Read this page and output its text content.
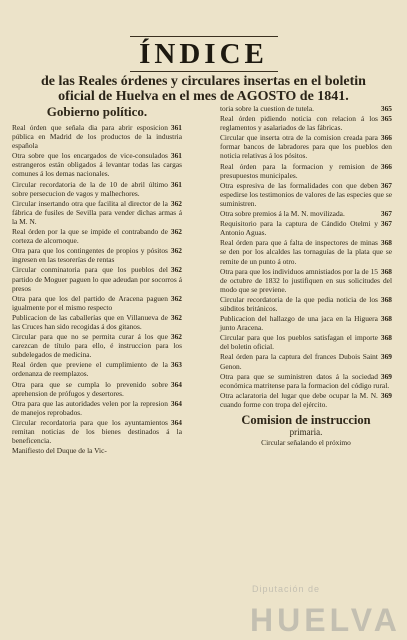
ÍNDICE
de las Reales órdenes y circulares insertas en el boletin
oficial de Huelva en el mes de AGOSTO de 1841.
Gobierno político.
361
Real órden que señala dia para abrir esposicion pública en Madrid de los productos de la industria española
361
Otra sobre que los encargados de vice-consulados estrangeros están obligados á levantar todas las cargas comunes á los demas nacionales.
361
Circular recordatoria de la de 10 de abril último sobre persecucion de vagos y malhechores.
362
Circular insertando otra que facilita al director de la fábrica de fusiles de Sevilla para vender dichas armas á la M. N.
362
Real órden por la que se impide el contrabando de corteza de alcornoque.
362
Otra para que los contingentes de propios y pósitos ingresen en las tesorerías de rentas
362
Circular conminatoria para que los pueblos del partido de Moguer paguen lo que adeudan por socorros á presos
362
Otra para que los del partido de Aracena paguen igualmente por el mismo respecto
362
Publicacion de las caballerías que en Villanueva de las Cruces han sido recogidas á dos gitanos.
362
Circular para que no se permita curar á los que carezcan de título para ello, é instruccion para los subdelegados de medicina.
363
Real órden que previene el cumplimiento de la ordenanza de reemplazos.
364
Otra para que se cumpla lo prevenido sobre aprehension de prófugos y desertores.
364
Otra para que las autoridades velen por la represion de manejos reprobados.
364
Circular recordatoria para que los ayuntamientos remitan noticias de los bienes destinados á la beneficencia.
Manifiesto del Duque de la Vic-
365
toria sobre la cuestion de tutela.
365
Real órden pidiendo noticia con relacion á los reglamentos y asalariados de las fábricas.
366
Circular que inserta otra de la comision creada para formar bancos de labradores para que los pueblos den noticia relativas á los pósitos.
366
Real órden para la formacion y remision de presupuestos municipales.
367
Otra espresiva de las formalidades con que deben espedirse los testimonios de valores de las especies que se suministren.
367
Otra sobre premios á la M. N. movilizada.
367
Requisitorio para la captura de Cándido Otelmi y Antonio Aguas.
368
Real órden para que á falta de inspectores de minas se den por los alcaldes las tornaguías de la plata que se remite de un punto á otro.
368
Otra para que los individuos amnistiados por la de 15 de octubre de 1832 lo justifiquen en sus solicitudes del modo que se previene.
368
Circular recordatoria de la que pedia noticia de los súbditos británicos.
368
Publicacion del hallazgo de una jaca en la Higuera junto Aracena.
368
Circular para que los pueblos satisfagan el importe del boletin oficial.
369
Real órden para la captura del frances Dubois Saint Genon.
369
Otra para que se suministren datos á la sociedad económica matritense para la formacion del código rural.
369
Otra aclaratoria del lugar que debe ocupar la M. N. cuando forme con tropa del ejército.
Comision de instruccion
primaria.
Circular señalando el próximo
Diputación de
HUELVA
